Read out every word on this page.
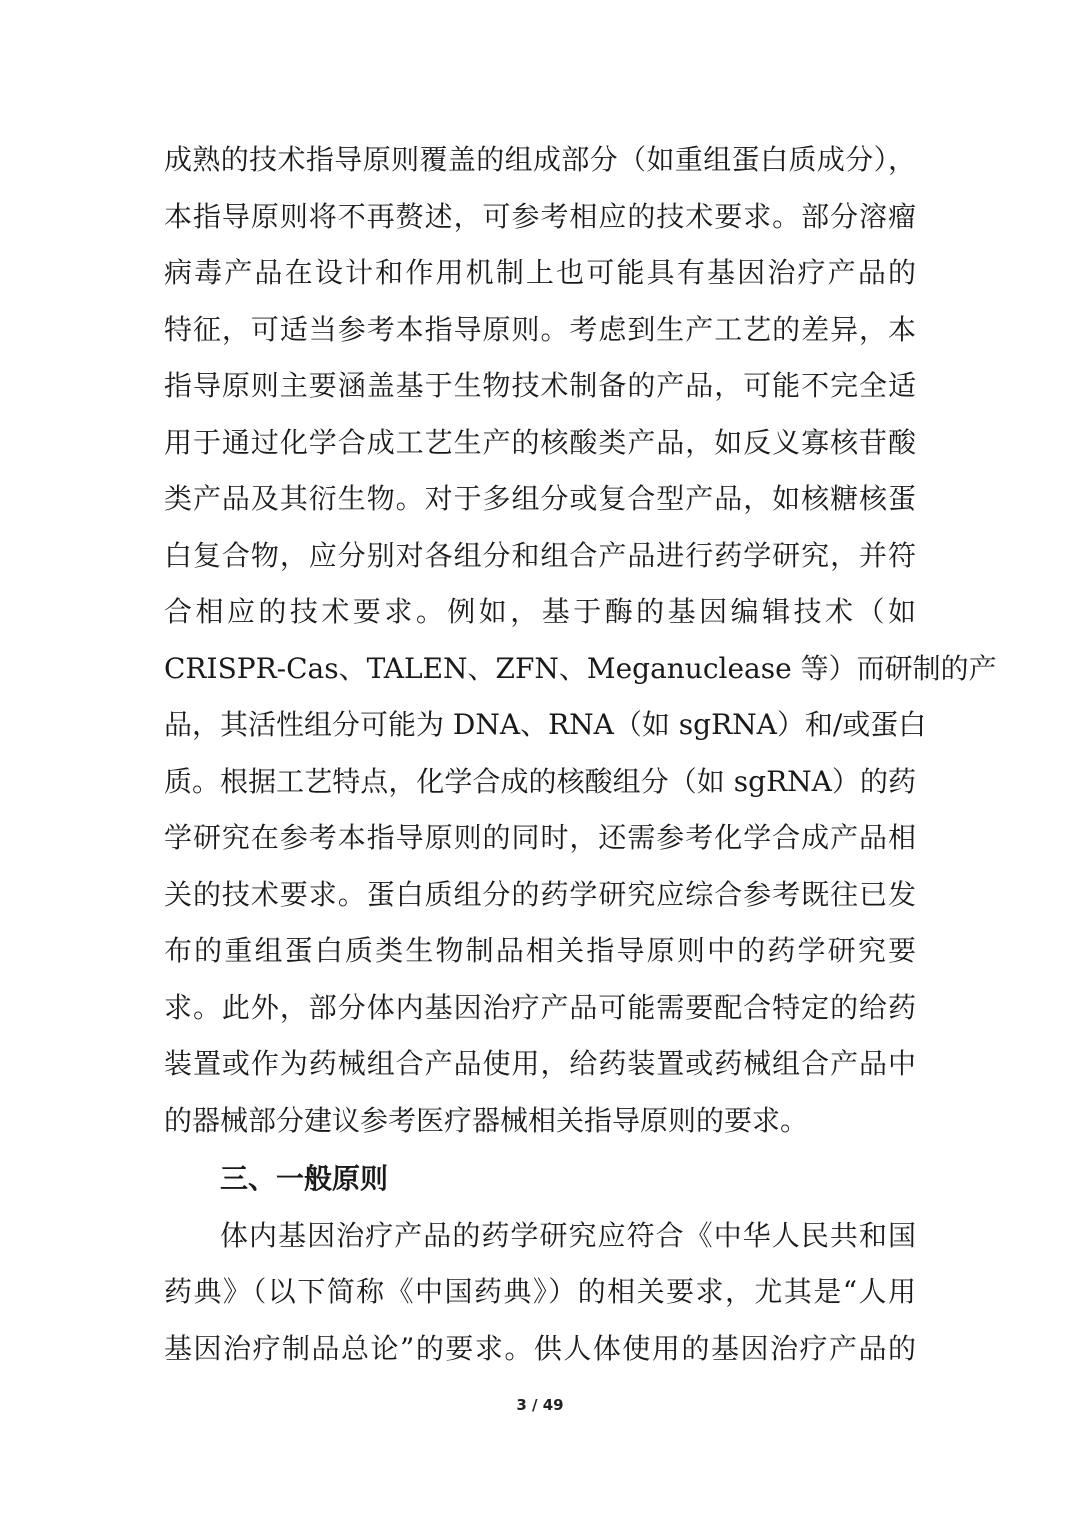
成熟的技术指导原则覆盖的组成部分（如重组蛋白质成分），
本指导原则将不再赘述，可参考相应的技术要求。部分溶瘤
病毒产品在设计和作用机制上也可能具有基因治疗产品的
特征，可适当参考本指导原则。考虑到生产工艺的差异，本
指导原则主要涵盖基于生物技术制备的产品，可能不完全适
用于通过化学合成工艺生产的核酸类产品，如反义寡核苷酸
类产品及其衍生物。对于多组分或复合型产品，如核糖核蛋
白复合物，应分别对各组分和组合产品进行药学研究，并符
合相应的技术要求。例如，基于酶的基因编辑技术（如
CRISPR-Cas、TALEN、ZFN、Meganuclease 等）而研制的产
品，其活性组分可能为 DNA、RNA（如 sgRNA）和/或蛋白
质。根据工艺特点，化学合成的核酸组分（如 sgRNA）的药
学研究在参考本指导原则的同时，还需参考化学合成产品相
关的技术要求。蛋白质组分的药学研究应综合参考既往已发
布的重组蛋白质类生物制品相关指导原则中的药学研究要
求。此外，部分体内基因治疗产品可能需要配合特定的给药
装置或作为药械组合产品使用，给药装置或药械组合产品中
的器械部分建议参考医疗器械相关指导原则的要求。
三、一般原则
体内基因治疗产品的药学研究应符合《中华人民共和国
药典》（以下简称《中国药典》）的相关要求，尤其是“人用
基因治疗制品总论”的要求。供人体使用的基因治疗产品的
3 / 49
